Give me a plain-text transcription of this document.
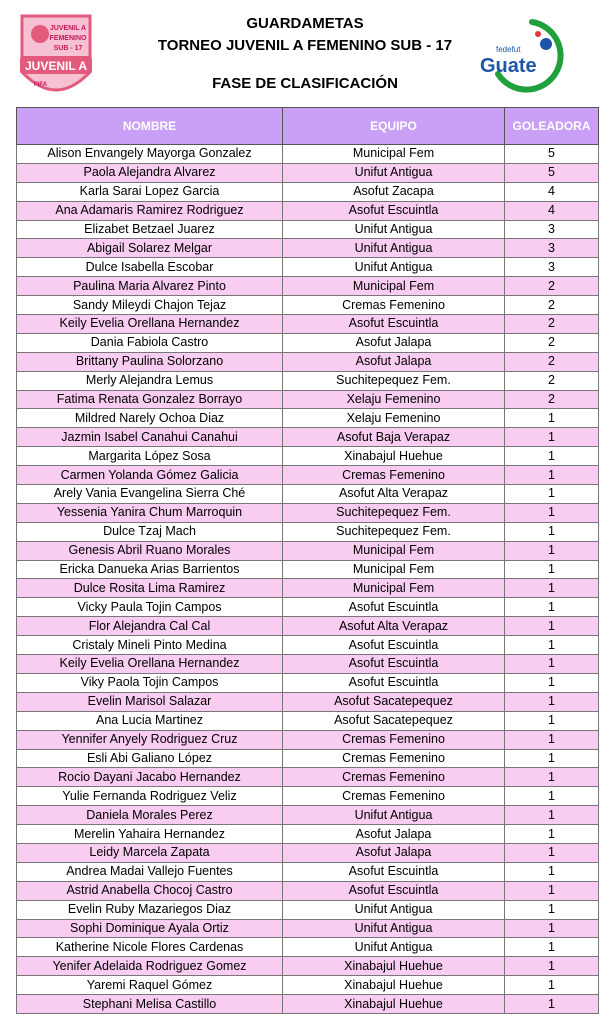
JUVENIL A
FEMENINO
SUB - 17
JUVENIL A
FIFA
GUARDAMETAS
TORNEO JUVENIL A FEMENINO SUB - 17
FASE DE CLASIFICACIÓN
fedefut
Guate
NOMBRE	EQUIPO	GOLEADORA
Alison Envangely Mayorga Gonzalez	Municipal Fem	5
Paola Alejandra Alvarez	Unifut Antigua	5
Karla Sarai Lopez Garcia	Asofut Zacapa	4
Ana Adamaris Ramirez Rodriguez	Asofut Escuintla	4
Elizabet Betzael Juarez	Unifut Antigua	3
Abigail Solarez Melgar	Unifut Antigua	3
Dulce Isabella Escobar	Unifut Antigua	3
Paulina Maria Alvarez Pinto	Municipal Fem	2
Sandy Mileydi Chajon Tejaz	Cremas Femenino	2
Keily Evelia Orellana Hernandez	Asofut Escuintla	2
Dania Fabiola Castro	Asofut Jalapa	2
Brittany Paulina Solorzano	Asofut Jalapa	2
Merly Alejandra Lemus	Suchitepequez Fem.	2
Fatima Renata Gonzalez Borrayo	Xelaju Femenino	2
Mildred Narely Ochoa Diaz	Xelaju Femenino	1
Jazmin Isabel Canahui Canahui	Asofut Baja Verapaz	1
Margarita López Sosa	Xinabajul Huehue	1
Carmen Yolanda Gómez Galicia	Cremas Femenino	1
Arely Vania Evangelina Sierra Ché	Asofut Alta Verapaz	1
Yessenia Yanira Chum Marroquin	Suchitepequez Fem.	1
Dulce Tzaj Mach	Suchitepequez Fem.	1
Genesis Abril Ruano Morales	Municipal Fem	1
Ericka Danueka Arias Barrientos	Municipal Fem	1
Dulce Rosita Lima Ramirez	Municipal Fem	1
Vicky Paula Tojin Campos	Asofut Escuintla	1
Flor Alejandra Cal Cal	Asofut Alta Verapaz	1
Cristaly Mineli Pinto Medina	Asofut Escuintla	1
Keily Evelia Orellana Hernandez	Asofut Escuintla	1
Viky Paola Tojin Campos	Asofut Escuintla	1
Evelin Marisol Salazar	Asofut Sacatepequez	1
Ana Lucia Martinez	Asofut Sacatepequez	1
Yennifer Anyely Rodriguez Cruz	Cremas Femenino	1
Esli Abi Galiano López	Cremas Femenino	1
Rocio Dayani Jacabo Hernandez	Cremas Femenino	1
Yulie Fernanda Rodriguez Veliz	Cremas Femenino	1
Daniela Morales Perez	Unifut Antigua	1
Merelin Yahaira Hernandez	Asofut Jalapa	1
Leidy Marcela Zapata	Asofut Jalapa	1
Andrea Madai Vallejo Fuentes	Asofut Escuintla	1
Astrid Anabella Chocoj Castro	Asofut Escuintla	1
Evelin Ruby Mazariegos Diaz	Unifut Antigua	1
Sophi Dominique Ayala Ortiz	Unifut Antigua	1
Katherine Nicole Flores Cardenas	Unifut Antigua	1
Yenifer Adelaida Rodriguez Gomez	Xinabajul Huehue	1
Yaremi Raquel Gómez	Xinabajul Huehue	1
Stephani Melisa Castillo	Xinabajul Huehue	1
